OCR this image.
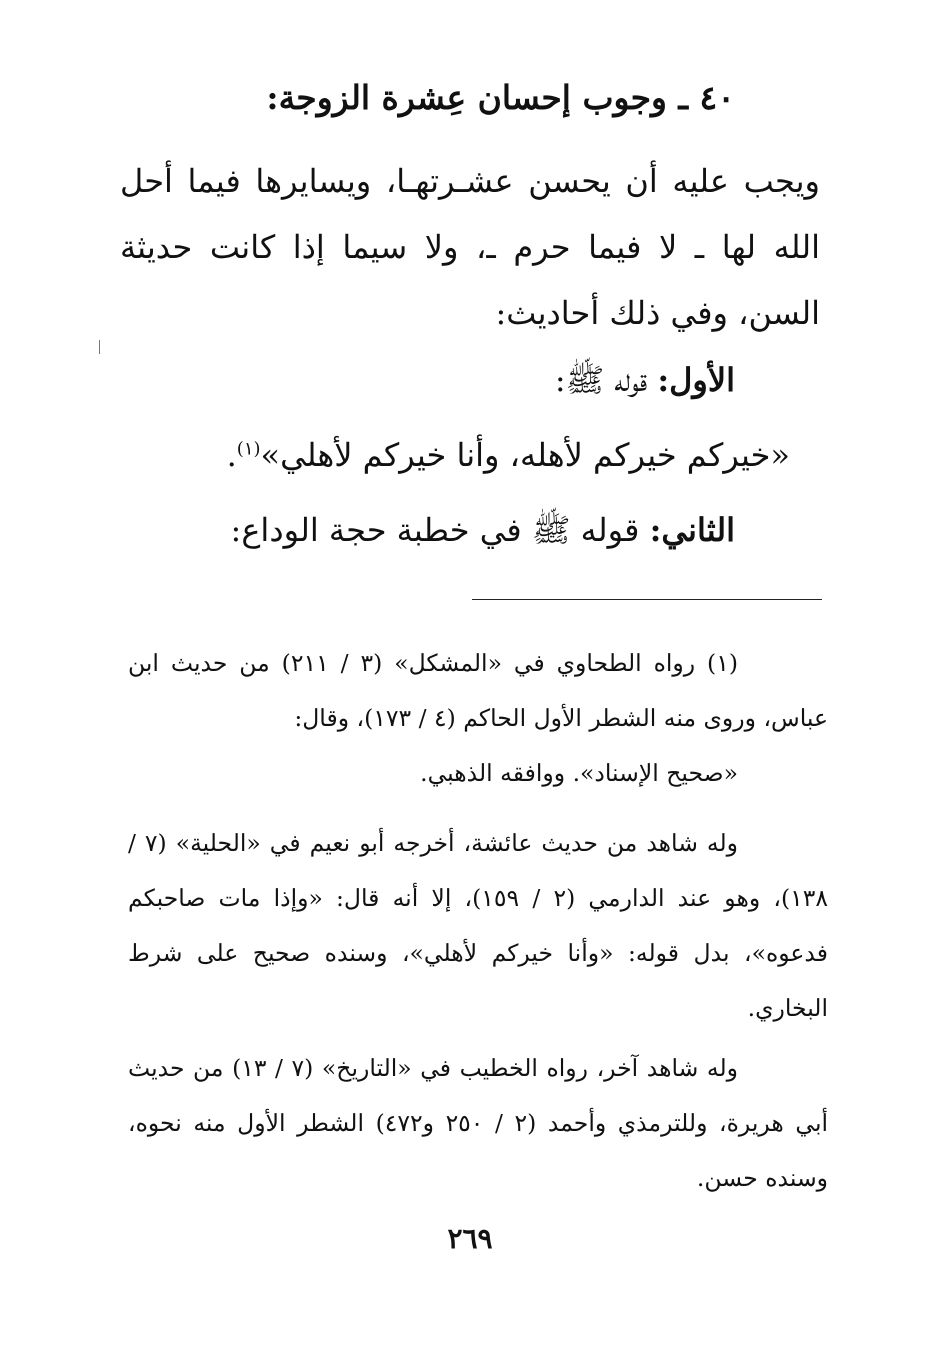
٤٠ ـ وجوب إحسان عِشرة الزوجة:
ويجب عليه أن يحسن عشـرتهـا، ويسايرها فيما أحل الله لها ـ لا فيما حرم ـ، ولا سيما إذا كانت حديثة السن، وفي ذلك أحاديث:
الأول: قوله ﷺ:
«خيركم خيركم لأهله، وأنا خيركم لأهلي»$^{(١)}$.
الثاني: قوله ﷺ في خطبة حجة الوداع:
(١) رواه الطحاوي في «المشكل» (٣ / ٢١١) من حديث ابن عباس، وروى منه الشطر الأول الحاكم (٤ / ١٧٣)، وقال:
«صحيح الإسناد». ووافقه الذهبي.
وله شاهد من حديث عائشة، أخرجه أبو نعيم في «الحلية» (٧ / ١٣٨)، وهو عند الدارمي (٢ / ١٥٩)، إلا أنه قال: «وإذا مات صاحبكم فدعوه»، بدل قوله: «وأنا خيركم لأهلي»، وسنده صحيح على شرط البخاري.
وله شاهد آخر، رواه الخطيب في «التاريخ» (٧ / ١٣) من حديث أبي هريرة، وللترمذي وأحمد (٢ / ٢٥٠ و٤٧٢) الشطر الأول منه نحوه، وسنده حسن.
٢٦٩
